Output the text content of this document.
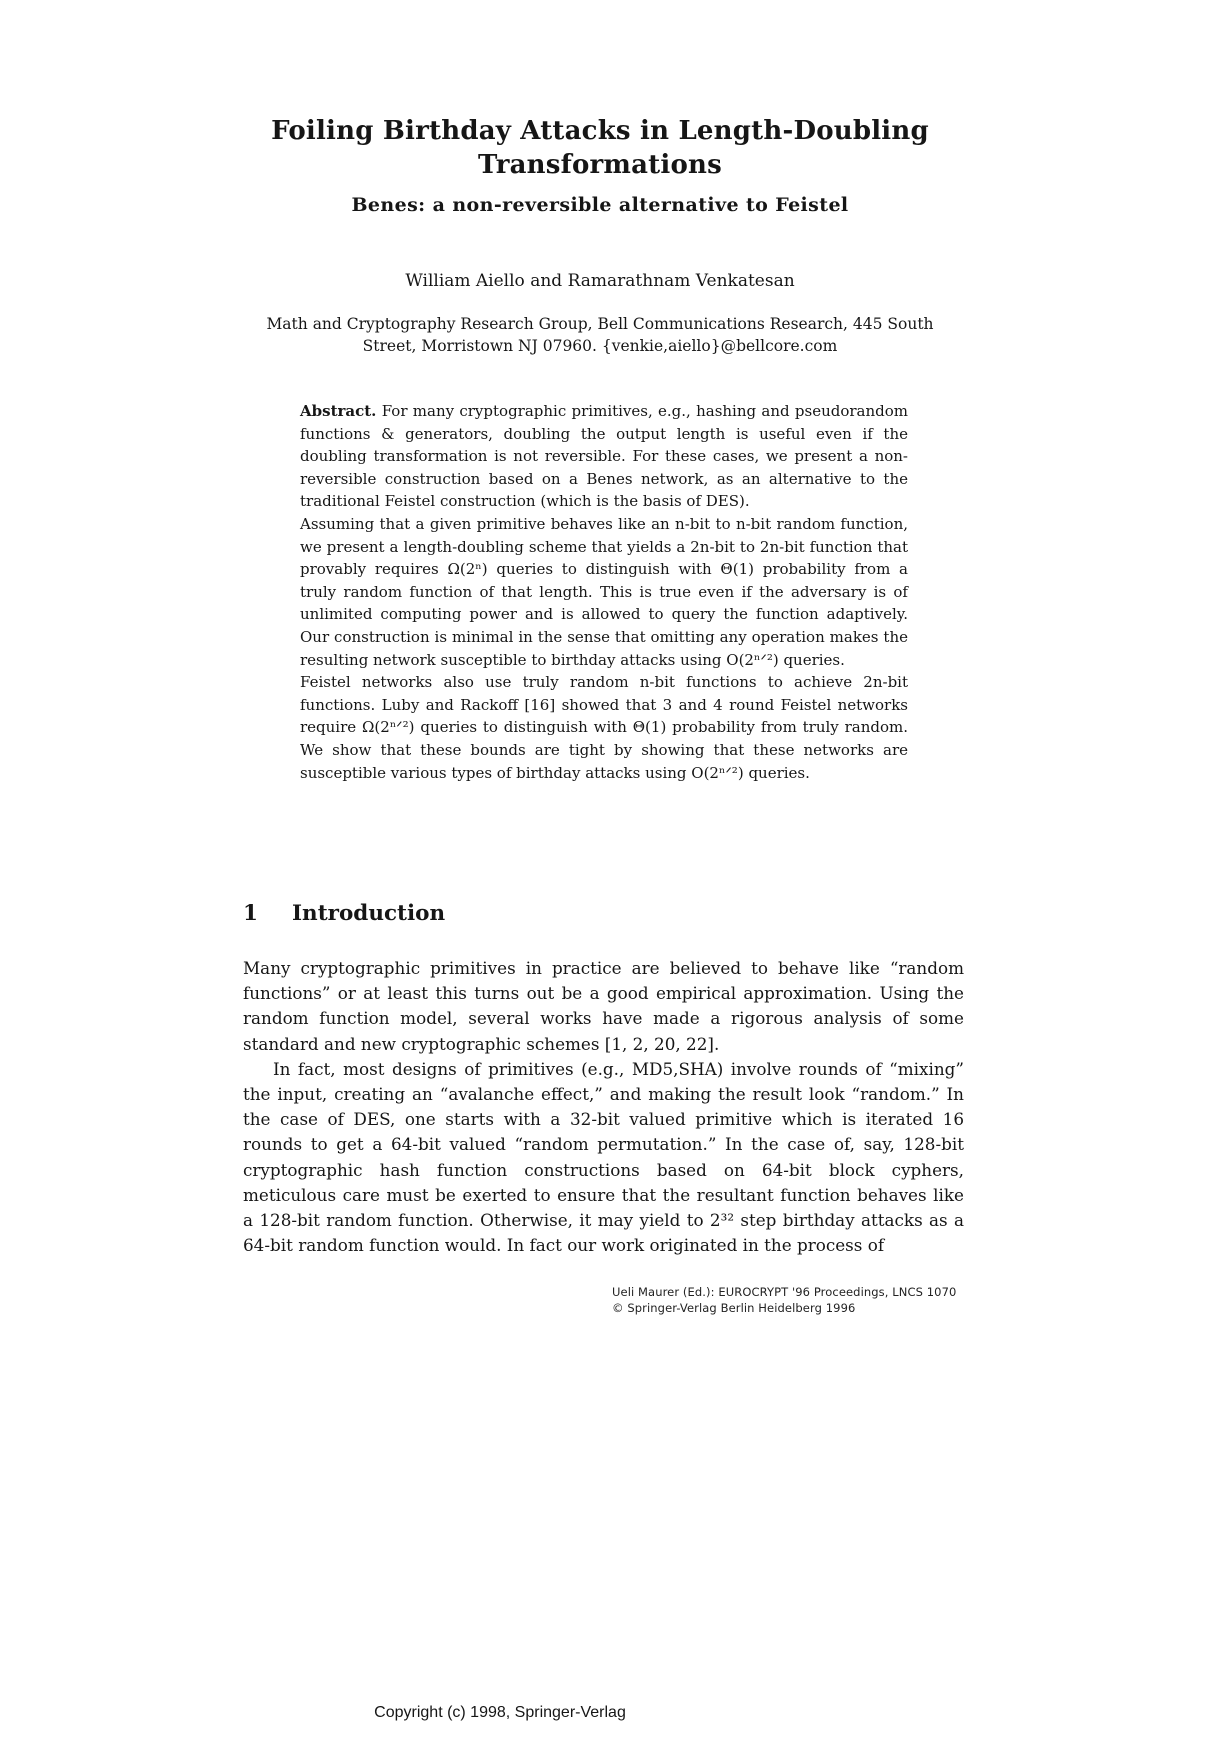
Foiling Birthday Attacks in Length-Doubling
Transformations
Benes: a non-reversible alternative to Feistel
William Aiello and Ramarathnam Venkatesan
Math and Cryptography Research Group, Bell Communications Research, 445 South
Street, Morristown NJ 07960. {venkie,aiello}@bellcore.com

Abstract. For many cryptographic primitives, e.g., hashing and pseudorandom functions & generators, doubling the output length is useful even if the doubling transformation is not reversible. For these cases, we present a non-reversible construction based on a Benes network, as an alternative to the traditional Feistel construction (which is the basis of DES).

Assuming that a given primitive behaves like an n-bit to n-bit random function, we present a length-doubling scheme that yields a 2n-bit to 2n-bit function that provably requires Ω(2ⁿ) queries to distinguish with Θ(1) probability from a truly random function of that length. This is true even if the adversary is of unlimited computing power and is allowed to query the function adaptively. Our construction is minimal in the sense that omitting any operation makes the resulting network susceptible to birthday attacks using O(2ⁿᐟ²) queries.

Feistel networks also use truly random n-bit functions to achieve 2n-bit functions. Luby and Rackoff [16] showed that 3 and 4 round Feistel networks require Ω(2ⁿᐟ²) queries to distinguish with Θ(1) probability from truly random. We show that these bounds are tight by showing that these networks are susceptible various types of birthday attacks using O(2ⁿᐟ²) queries.

1 Introduction

Many cryptographic primitives in practice are believed to behave like “random functions” or at least this turns out be a good empirical approximation. Using the random function model, several works have made a rigorous analysis of some standard and new cryptographic schemes [1, 2, 20, 22].

In fact, most designs of primitives (e.g., MD5,SHA) involve rounds of “mixing” the input, creating an “avalanche effect,” and making the result look “random.” In the case of DES, one starts with a 32-bit valued primitive which is iterated 16 rounds to get a 64-bit valued “random permutation.” In the case of, say, 128-bit cryptographic hash function constructions based on 64-bit block cyphers, meticulous care must be exerted to ensure that the resultant function behaves like a 128-bit random function. Otherwise, it may yield to 2³² step birthday attacks as a 64-bit random function would. In fact our work originated in the process of

Ueli Maurer (Ed.): EUROCRYPT '96 Proceedings, LNCS 1070
© Springer-Verlag Berlin Heidelberg 1996
Copyright (c) 1998, Springer-Verlag
